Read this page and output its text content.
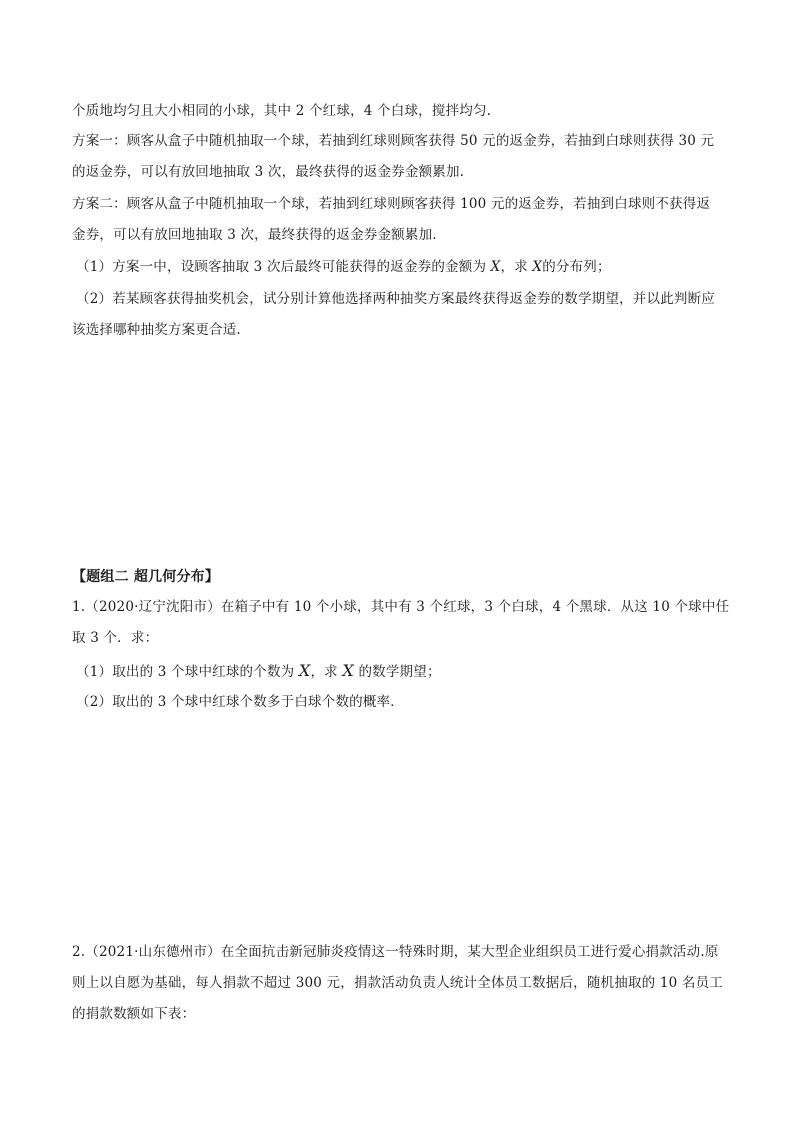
个质地均匀且大小相同的小球，其中 2 个红球，4 个白球，搅拌均匀.
方案一：顾客从盒子中随机抽取一个球，若抽到红球则顾客获得 50 元的返金券，若抽到白球则获得 30 元
的返金券，可以有放回地抽取 3 次，最终获得的返金券金额累加.
方案二：顾客从盒子中随机抽取一个球，若抽到红球则顾客获得 100 元的返金券，若抽到白球则不获得返
金券，可以有放回地抽取 3 次，最终获得的返金券金额累加.
（1）方案一中，设顾客抽取 3 次后最终可能获得的返金券的金额为 X，求 X的分布列；
（2）若某顾客获得抽奖机会，试分别计算他选择两种抽奖方案最终获得返金券的数学期望，并以此判断应
该选择哪种抽奖方案更合适.
【题组二 超几何分布】
1.（2020·辽宁沈阳市）在箱子中有 10 个小球，其中有 3 个红球，3 个白球，4 个黑球．从这 10 个球中任
取 3 个．求：
（1）取出的 3 个球中红球的个数为 X，求 X 的数学期望；
（2）取出的 3 个球中红球个数多于白球个数的概率．
2.（2021·山东德州市）在全面抗击新冠肺炎疫情这一特殊时期，某大型企业组织员工进行爱心捐款活动.原
则上以自愿为基础，每人捐款不超过 300 元，捐款活动负责人统计全体员工数据后，随机抽取的 10 名员工
的捐款数额如下表：
